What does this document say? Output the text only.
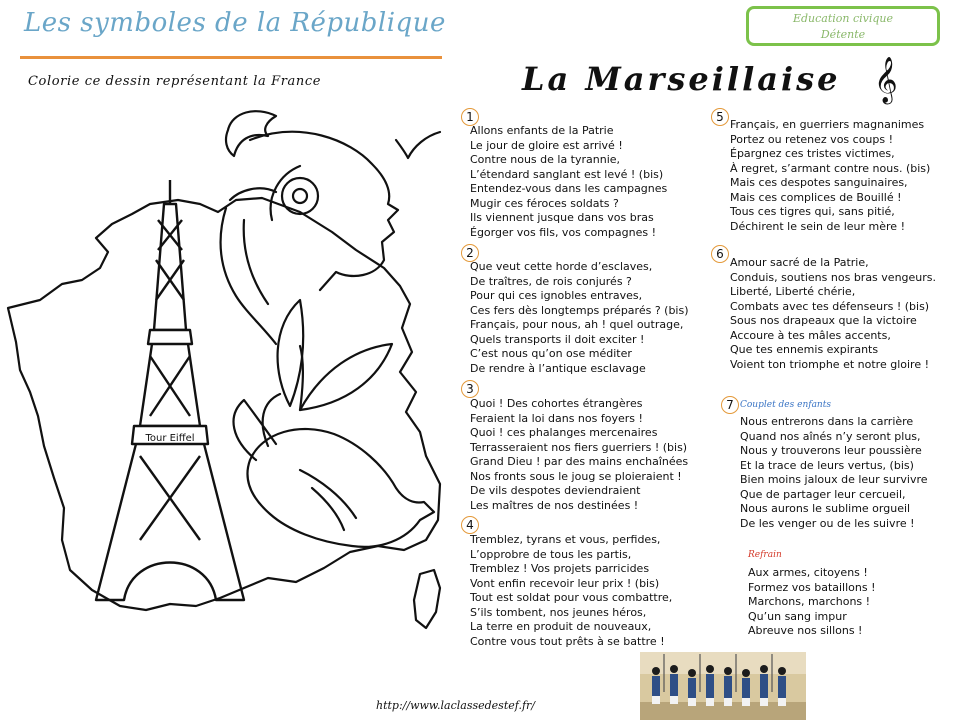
Les symboles de la République	Education civique
Détente
Colorie ce dessin représentant la France	La Marseillaise 𝄞
Tour Eiffel
1
Allons enfants de la Patrie
Le jour de gloire est arrivé !
Contre nous de la tyrannie,
L’étendard sanglant est levé ! (bis)
Entendez-vous dans les campagnes
Mugir ces féroces soldats ?
Ils viennent jusque dans vos bras
Égorger vos fils, vos compagnes !
2
Que veut cette horde d’esclaves,
De traîtres, de rois conjurés ?
Pour qui ces ignobles entraves,
Ces fers dès longtemps préparés ? (bis)
Français, pour nous, ah ! quel outrage,
Quels transports il doit exciter !
C’est nous qu’on ose méditer
De rendre à l’antique esclavage
3
Quoi ! Des cohortes étrangères
Feraient la loi dans nos foyers !
Quoi ! ces phalanges mercenaires
Terrasseraient nos fiers guerriers ! (bis)
Grand Dieu ! par des mains enchaînées
Nos fronts sous le joug se ploieraient !
De vils despotes deviendraient
Les maîtres de nos destinées !
4
Tremblez, tyrans et vous, perfides,
L’opprobre de tous les partis,
Tremblez ! Vos projets parricides
Vont enfin recevoir leur prix ! (bis)
Tout est soldat pour vous combattre,
S’ils tombent, nos jeunes héros,
La terre en produit de nouveaux,
Contre vous tout prêts à se battre !
5
Français, en guerriers magnanimes
Portez ou retenez vos coups !
Épargnez ces tristes victimes,
À regret, s’armant contre nous. (bis)
Mais ces despotes sanguinaires,
Mais ces complices de Bouillé !
Tous ces tigres qui, sans pitié,
Déchirent le sein de leur mère !
6
Amour sacré de la Patrie,
Conduis, soutiens nos bras vengeurs.
Liberté, Liberté chérie,
Combats avec tes défenseurs ! (bis)
Sous nos drapeaux que la victoire
Accoure à tes mâles accents,
Que tes ennemis expirants
Voient ton triomphe et notre gloire !
7 Couplet des enfants
Nous entrerons dans la carrière
Quand nos aînés n’y seront plus,
Nous y trouverons leur poussière
Et la trace de leurs vertus, (bis)
Bien moins jaloux de leur survivre
Que de partager leur cercueil,
Nous aurons le sublime orgueil
De les venger ou de les suivre !
Refrain
Aux armes, citoyens !
Formez vos bataillons !
Marchons, marchons !
Qu’un sang impur
Abreuve nos sillons !
http://www.laclassedestef.fr/
